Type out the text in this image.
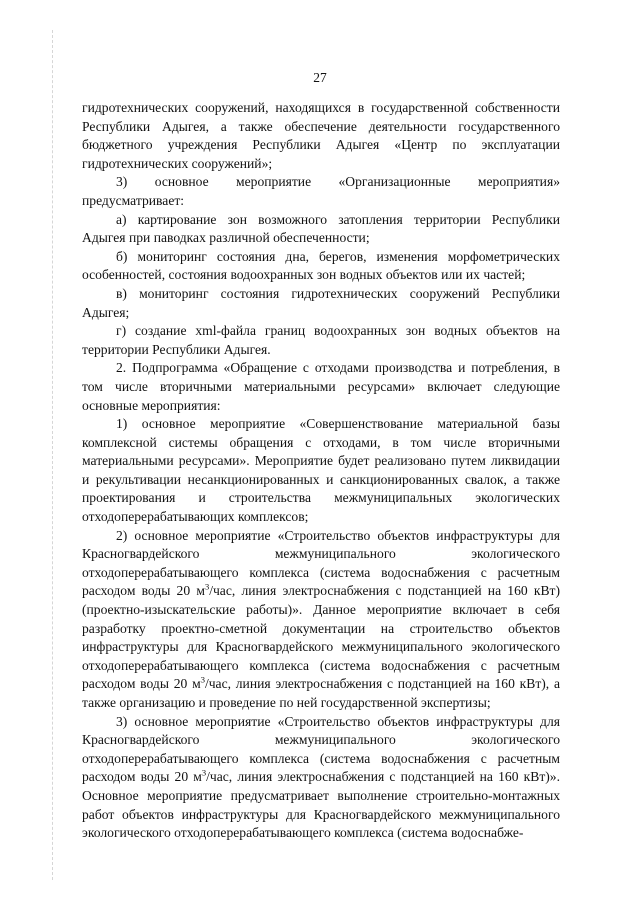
27

гидротехнических сооружений, находящихся в государственной собственности Республики Адыгея, а также обеспечение деятельности государственного бюджетного учреждения Республики Адыгея «Центр по эксплуатации гидротехнических сооружений»;

3) основное мероприятие «Организационные мероприятия» предусматривает:

а) картирование зон возможного затопления территории Республики Адыгея при паводках различной обеспеченности;

б) мониторинг состояния дна, берегов, изменения морфометрических особенностей, состояния водоохранных зон водных объектов или их частей;

в) мониторинг состояния гидротехнических сооружений Республики Адыгея;

г) создание xml-файла границ водоохранных зон водных объектов на территории Республики Адыгея.

2. Подпрограмма «Обращение с отходами производства и потребления, в том числе вторичными материальными ресурсами» включает следующие основные мероприятия:

1) основное мероприятие «Совершенствование материальной базы комплексной системы обращения с отходами, в том числе вторичными материальными ресурсами». Мероприятие будет реализовано путем ликвидации и рекультивации несанкционированных и санкционированных свалок, а также проектирования и строительства межмуниципальных экологических отходоперерабатывающих комплексов;

2) основное мероприятие «Строительство объектов инфраструктуры для Красногвардейского межмуниципального экологического отходоперерабатывающего комплекса (система водоснабжения с расчетным расходом воды 20 $м^3$/час, линия электроснабжения с подстанцией на 160 кВт) (проектно-изыскательские работы)». Данное мероприятие включает в себя разработку проектно-сметной документации на строительство объектов инфраструктуры для Красногвардейского межмуниципального экологического отходоперерабатывающего комплекса (система водоснабжения с расчетным расходом воды 20 $м^3$/час, линия электроснабжения с подстанцией на 160 кВт), а также организацию и проведение по ней государственной экспертизы;

3) основное мероприятие «Строительство объектов инфраструктуры для Красногвардейского межмуниципального экологического отходоперерабатывающего комплекса (система водоснабжения с расчетным расходом воды 20 $м^3$/час, линия электроснабжения с подстанцией на 160 кВт)». Основное мероприятие предусматривает выполнение строительно-монтажных работ объектов инфраструктуры для Красногвардейского межмуниципального экологического отходоперерабатывающего комплекса (система водоснабже-
